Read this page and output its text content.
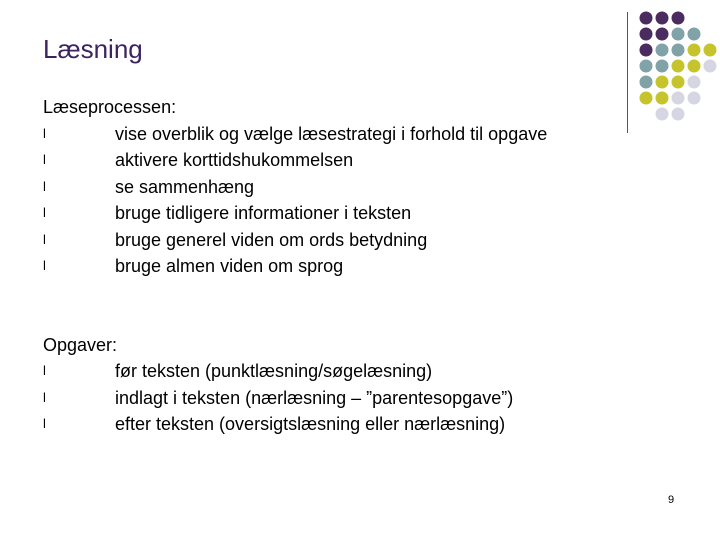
Læsning
Læseprocessen:
l	vise overblik og vælge læsestrategi i forhold til opgave
l	aktivere korttidshukommelsen
l	se sammenhæng
l	bruge tidligere informationer i teksten
l	bruge generel viden om ords betydning
l	bruge almen viden om sprog
Opgaver:
l	før teksten (punktlæsning/søgelæsning)
l	indlagt i teksten (nærlæsning – ”parentesopgave”)
l	efter teksten (oversigtslæsning eller nærlæsning)
9
